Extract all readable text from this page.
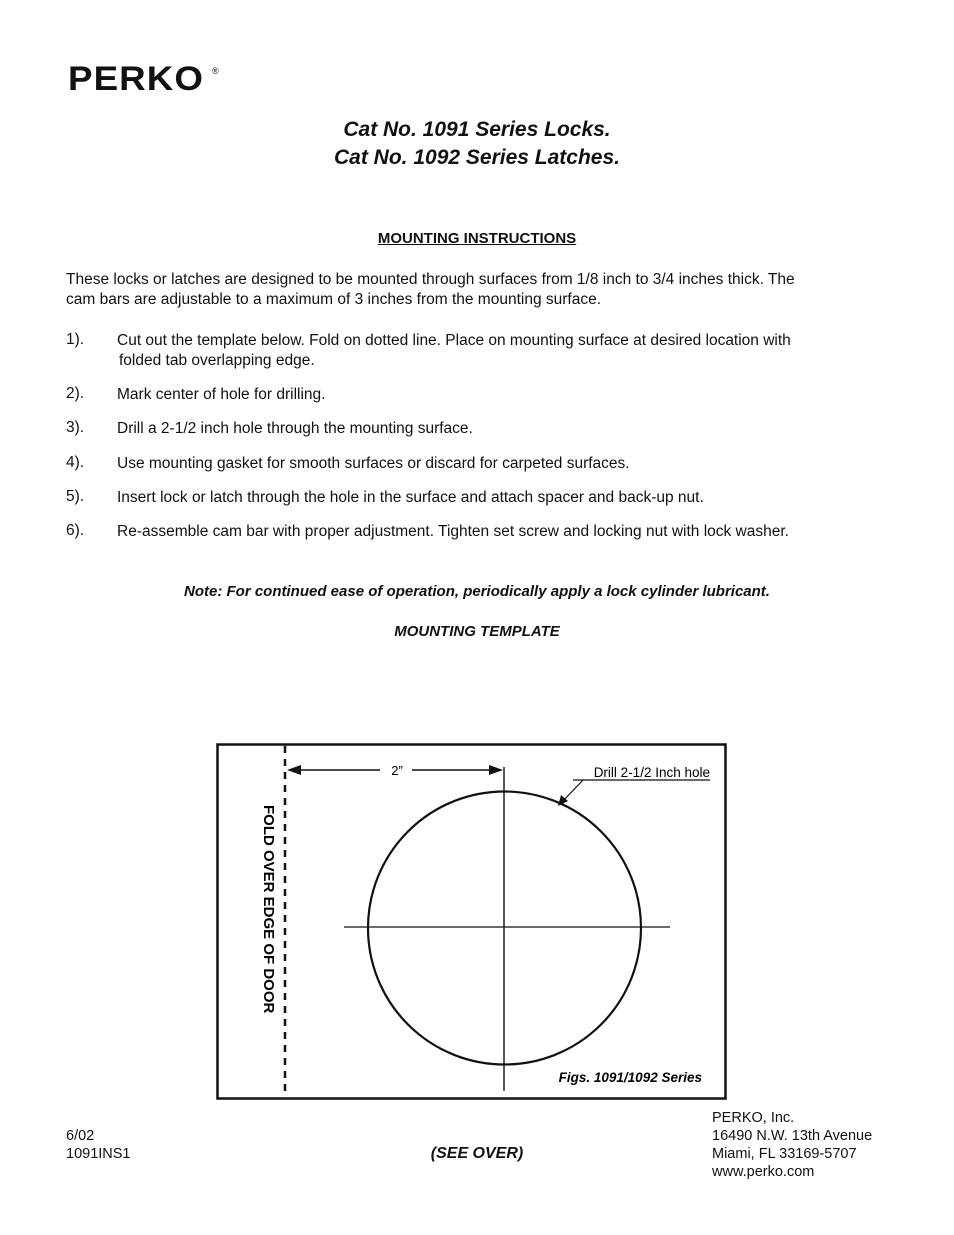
PERKO ®
Cat No. 1091 Series Locks.
Cat No. 1092 Series Latches.
MOUNTING INSTRUCTIONS
These locks or latches are designed to be mounted through surfaces from 1/8 inch to 3/4 inches thick. The
cam bars are adjustable to a maximum of 3 inches from the mounting surface.
1). Cut out the template below. Fold on dotted line. Place on mounting surface at desired location with
folded tab overlapping edge.
2). Mark center of hole for drilling.
3). Drill a 2-1/2 inch hole through the mounting surface.
4). Use mounting gasket for smooth surfaces or discard for carpeted surfaces.
5). Insert lock or latch through the hole in the surface and attach spacer and back-up nut.
6). Re-assemble cam bar with proper adjustment. Tighten set screw and locking nut with lock washer.
Note: For continued ease of operation, periodically apply a lock cylinder lubricant.
MOUNTING TEMPLATE
2”	Drill 2-1/2 Inch hole
Figs. 1091/1092 Series
FOLD OVER EDGE OF DOOR
6/02
1091INS1	(SEE OVER)
PERKO, Inc.
16490 N.W. 13th Avenue
Miami, FL 33169-5707
www.perko.com
